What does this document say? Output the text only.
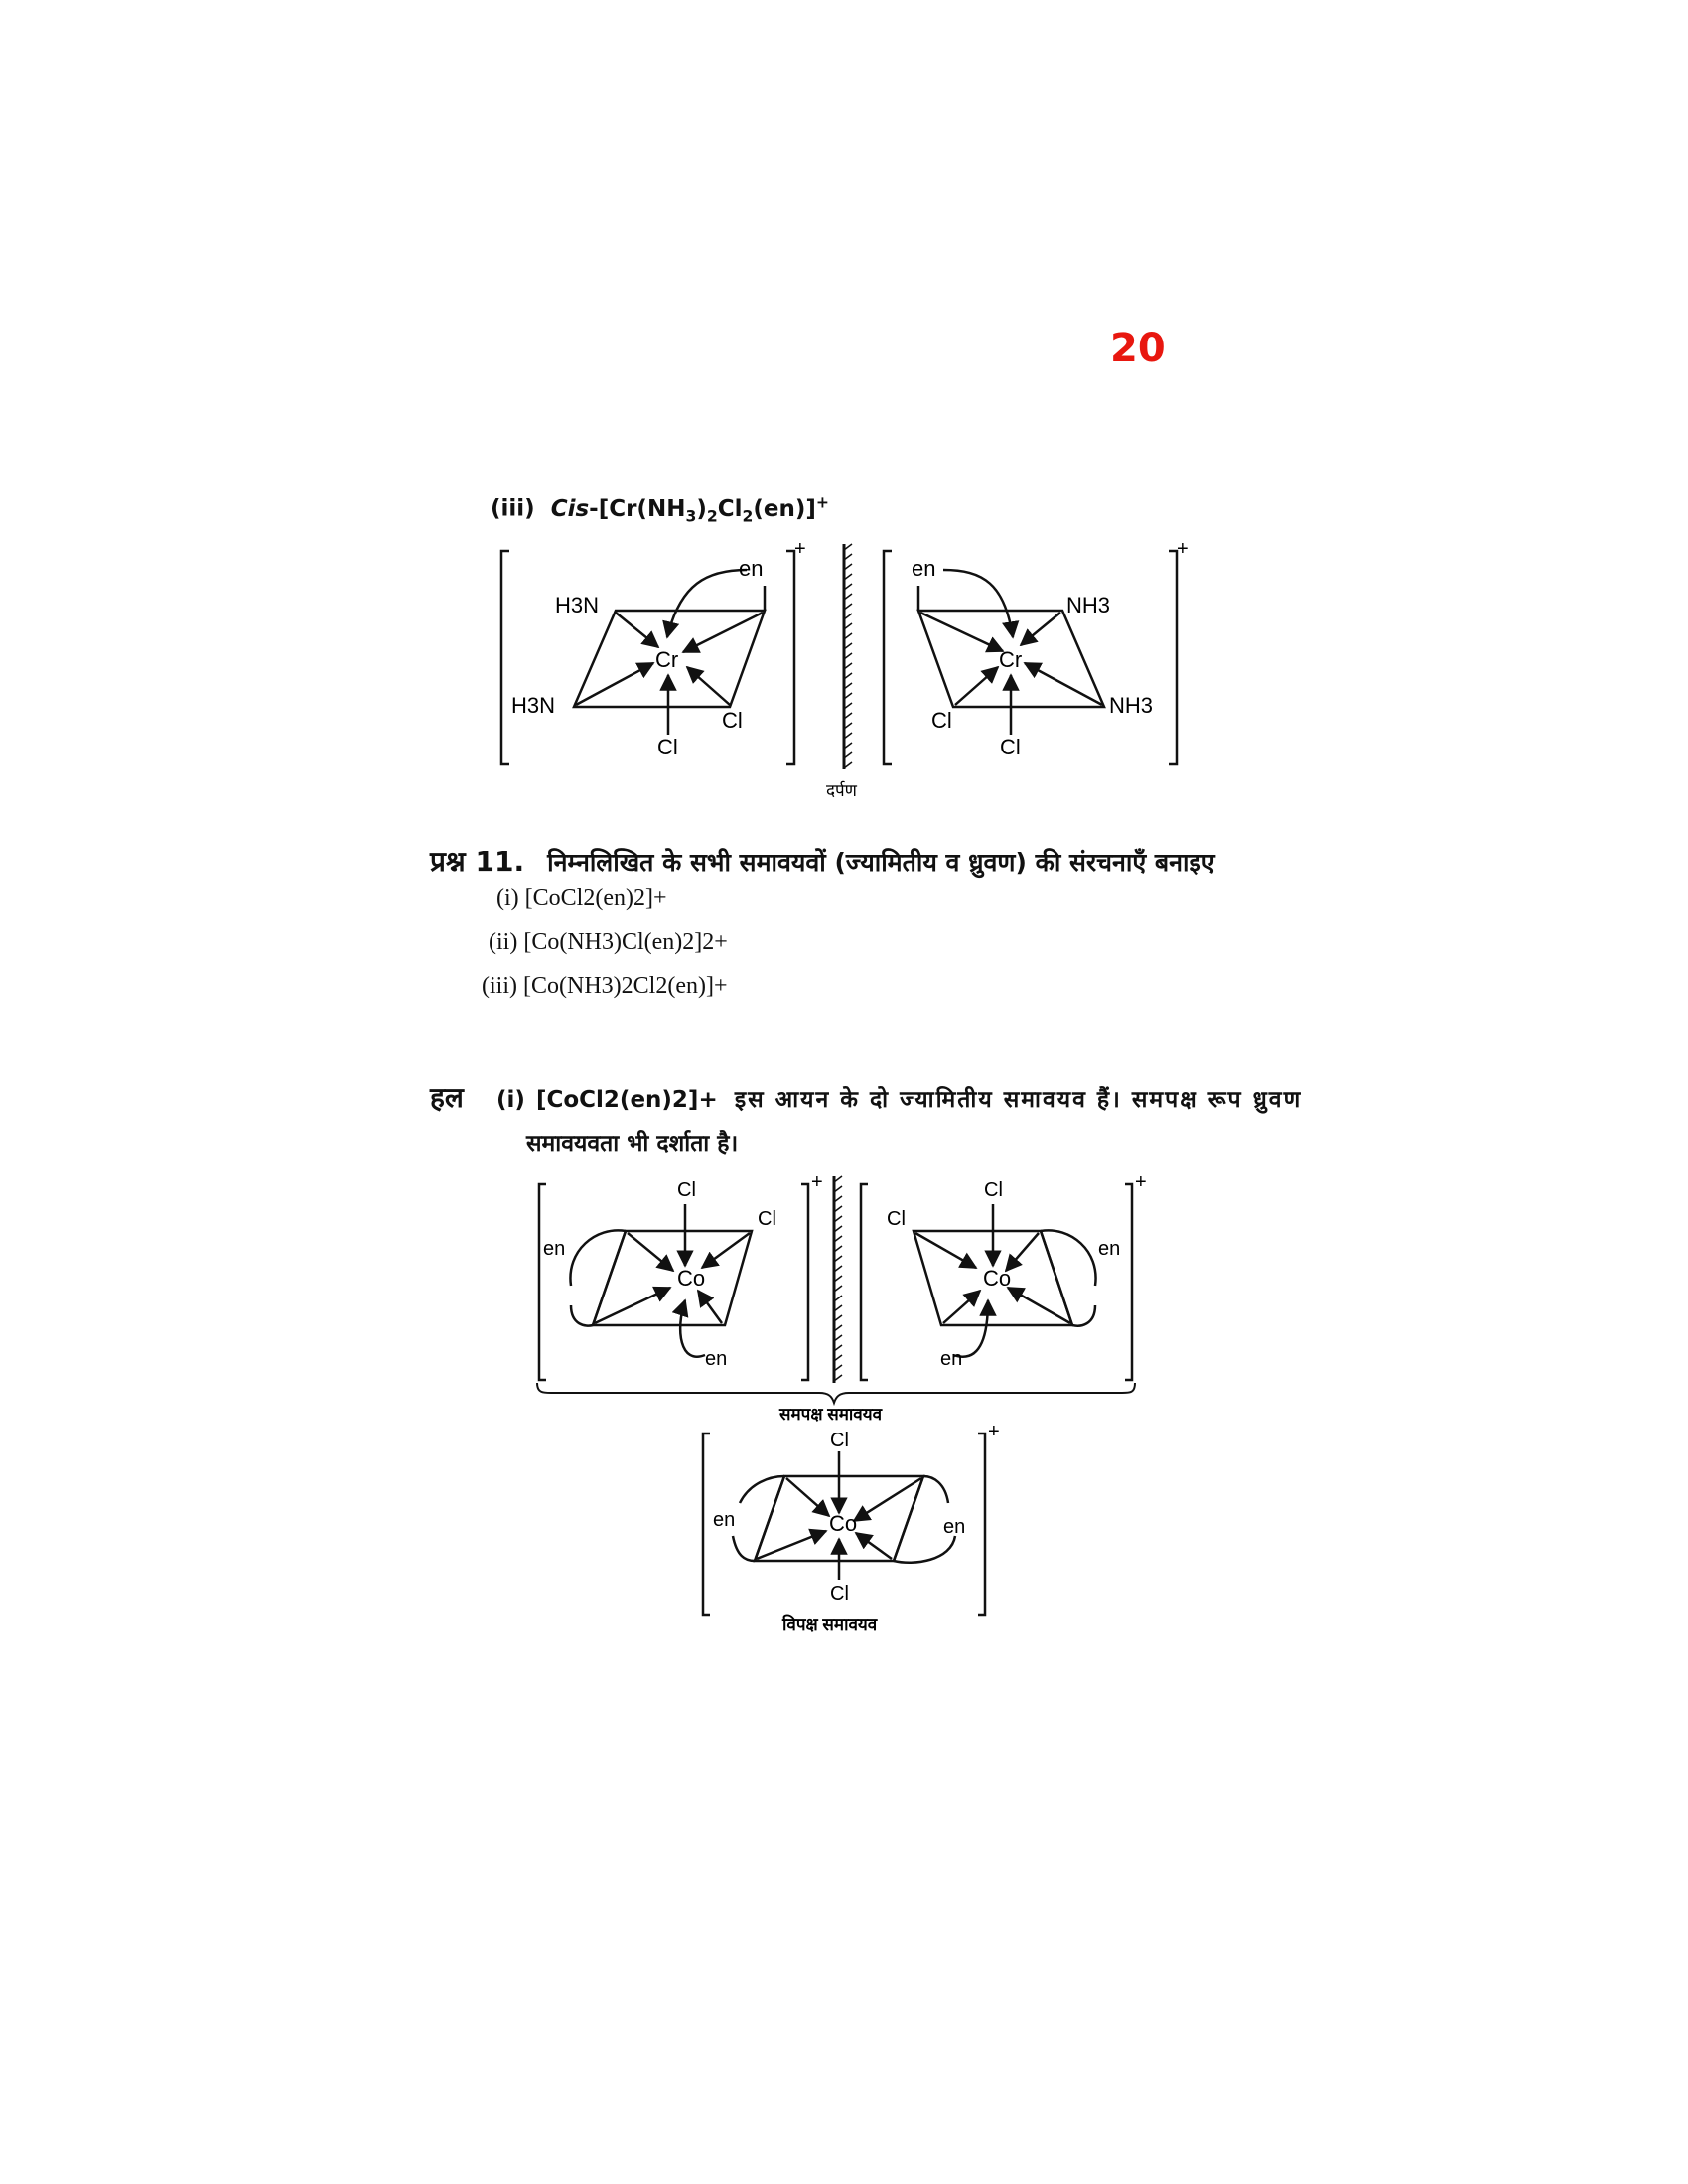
20
(iii) Cis-$[Cr(NH_3)_2Cl_2(en)]^+$
Cr
en
H3N
H3N
Cl
Cl
+
दर्पण
Cr
en
NH3
NH3
Cl
Cl
+
प्रश्न 11. निम्नलिखित के सभी समावयवों (ज्यामितीय व ध्रुवण) की संरचनाएँ बनाइए
(i) [CoCl2(en)2]+
(ii) [Co(NH3)Cl(en)2]2+
(iii) [Co(NH3)2Cl2(en)]+
हल (i) [CoCl2(en)2]+ इस आयन के दो ज्यामितीय समावयव हैं। समपक्ष रूप ध्रुवण
समावयवता भी दर्शाता है।
Co
Cl
Cl
en
en
+
Co
Cl
Cl
en
en
+
समपक्ष समावयव
Co
Cl
Cl
en	en
+
विपक्ष समावयव
